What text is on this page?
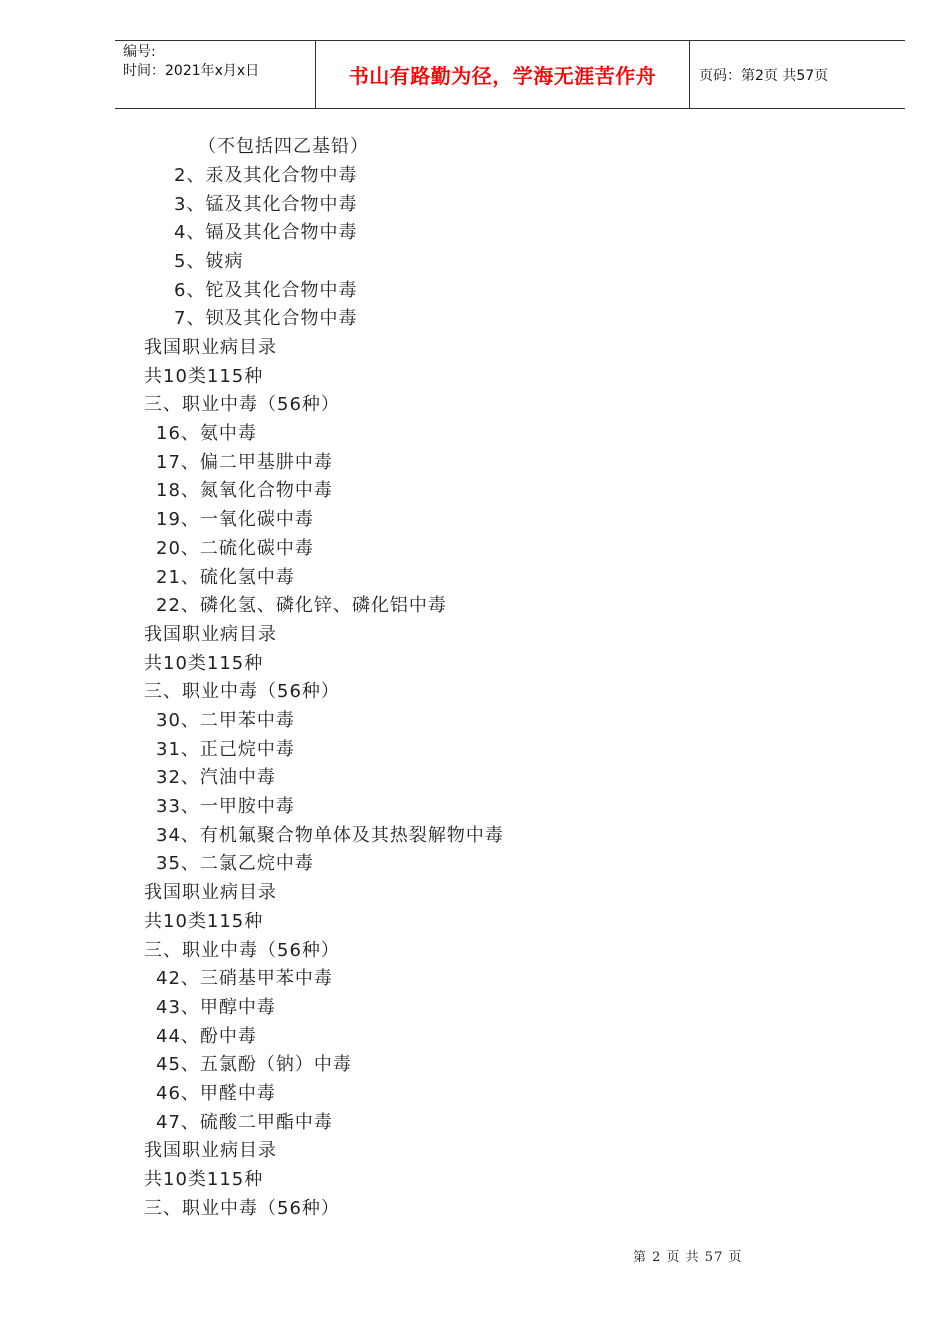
编号:
时间：2021年x月x日	书山有路勤为径，学海无涯苦作舟	页码：第2页 共57页
（不包括四乙基铅）
2、汞及其化合物中毒
3、锰及其化合物中毒
4、镉及其化合物中毒
5、铍病
6、铊及其化合物中毒
7、钡及其化合物中毒
我国职业病目录
共10类115种
三、职业中毒（56种）
16、氨中毒
17、偏二甲基肼中毒
18、氮氧化合物中毒
19、一氧化碳中毒
20、二硫化碳中毒
21、硫化氢中毒
22、磷化氢、磷化锌、磷化铝中毒
我国职业病目录
共10类115种
三、职业中毒（56种）
30、二甲苯中毒
31、正己烷中毒
32、汽油中毒
33、一甲胺中毒
34、有机氟聚合物单体及其热裂解物中毒
35、二氯乙烷中毒
我国职业病目录
共10类115种
三、职业中毒（56种）
42、三硝基甲苯中毒
43、甲醇中毒
44、酚中毒
45、五氯酚（钠）中毒
46、甲醛中毒
47、硫酸二甲酯中毒
我国职业病目录
共10类115种
三、职业中毒（56种）
第 2 页 共 57 页
